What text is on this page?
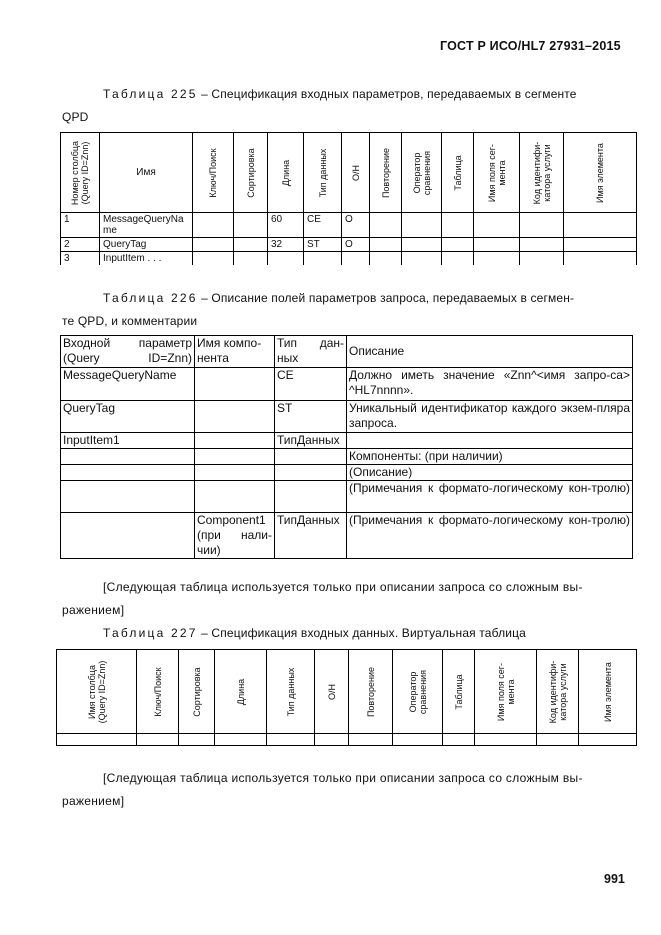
ГОСТ Р ИСО/HL7 27931–2015
Таблица 225 – Спецификация входных параметров, передаваемых в сегменте
QPD
Номер столбца (Query ID=Znn)	Имя	Ключ/Поиск	Сортировка	Длина	Тип данных	О/Н	Повторение	Оператор сравнения	Таблица	Имя поля сег-мента	Код идентифи-катора услуги	Имя элемента

1	MessageQueryName			60	CE	O						
2	QueryTag			32	ST	O						
3	InputItem . . .											
Таблица 226 – Описание полей параметров запроса, передаваемых в сегмен-
те QPD, и комментарии
Входной параметр (Query ID=Znn)	Имя компо-нента	Тип дан-ных	Описание
MessageQueryName		CE	Должно иметь значение «Znn^<имя запро-са> ^HL7nnnn».

QueryTag		ST	Уникальный идентификатор каждого экзем-пляра запроса.

InputItem1		ТипДанных	
			Компоненты: (при наличии)
			(Описание)

			(Примечания к формато-логическому кон-тролю)

	Component1 (при нали-чии)	ТипДанных	(Примечания к формато-логическому кон-тролю)
[Следующая таблица используется только при описании запроса со сложным вы-
ражением]
Таблица 227 – Спецификация входных данных. Виртуальная таблица
Имя столбца (Query ID=Znn)	Ключ/Поиск	Сортировка	Длина	Тип данных	О/Н	Повторение	Оператор сравнения	Таблица	Имя поля сег-мента	Код идентифи-катора услуги	Имя элемента

[Следующая таблица используется только при описании запроса со сложным вы-
ражением]
991
